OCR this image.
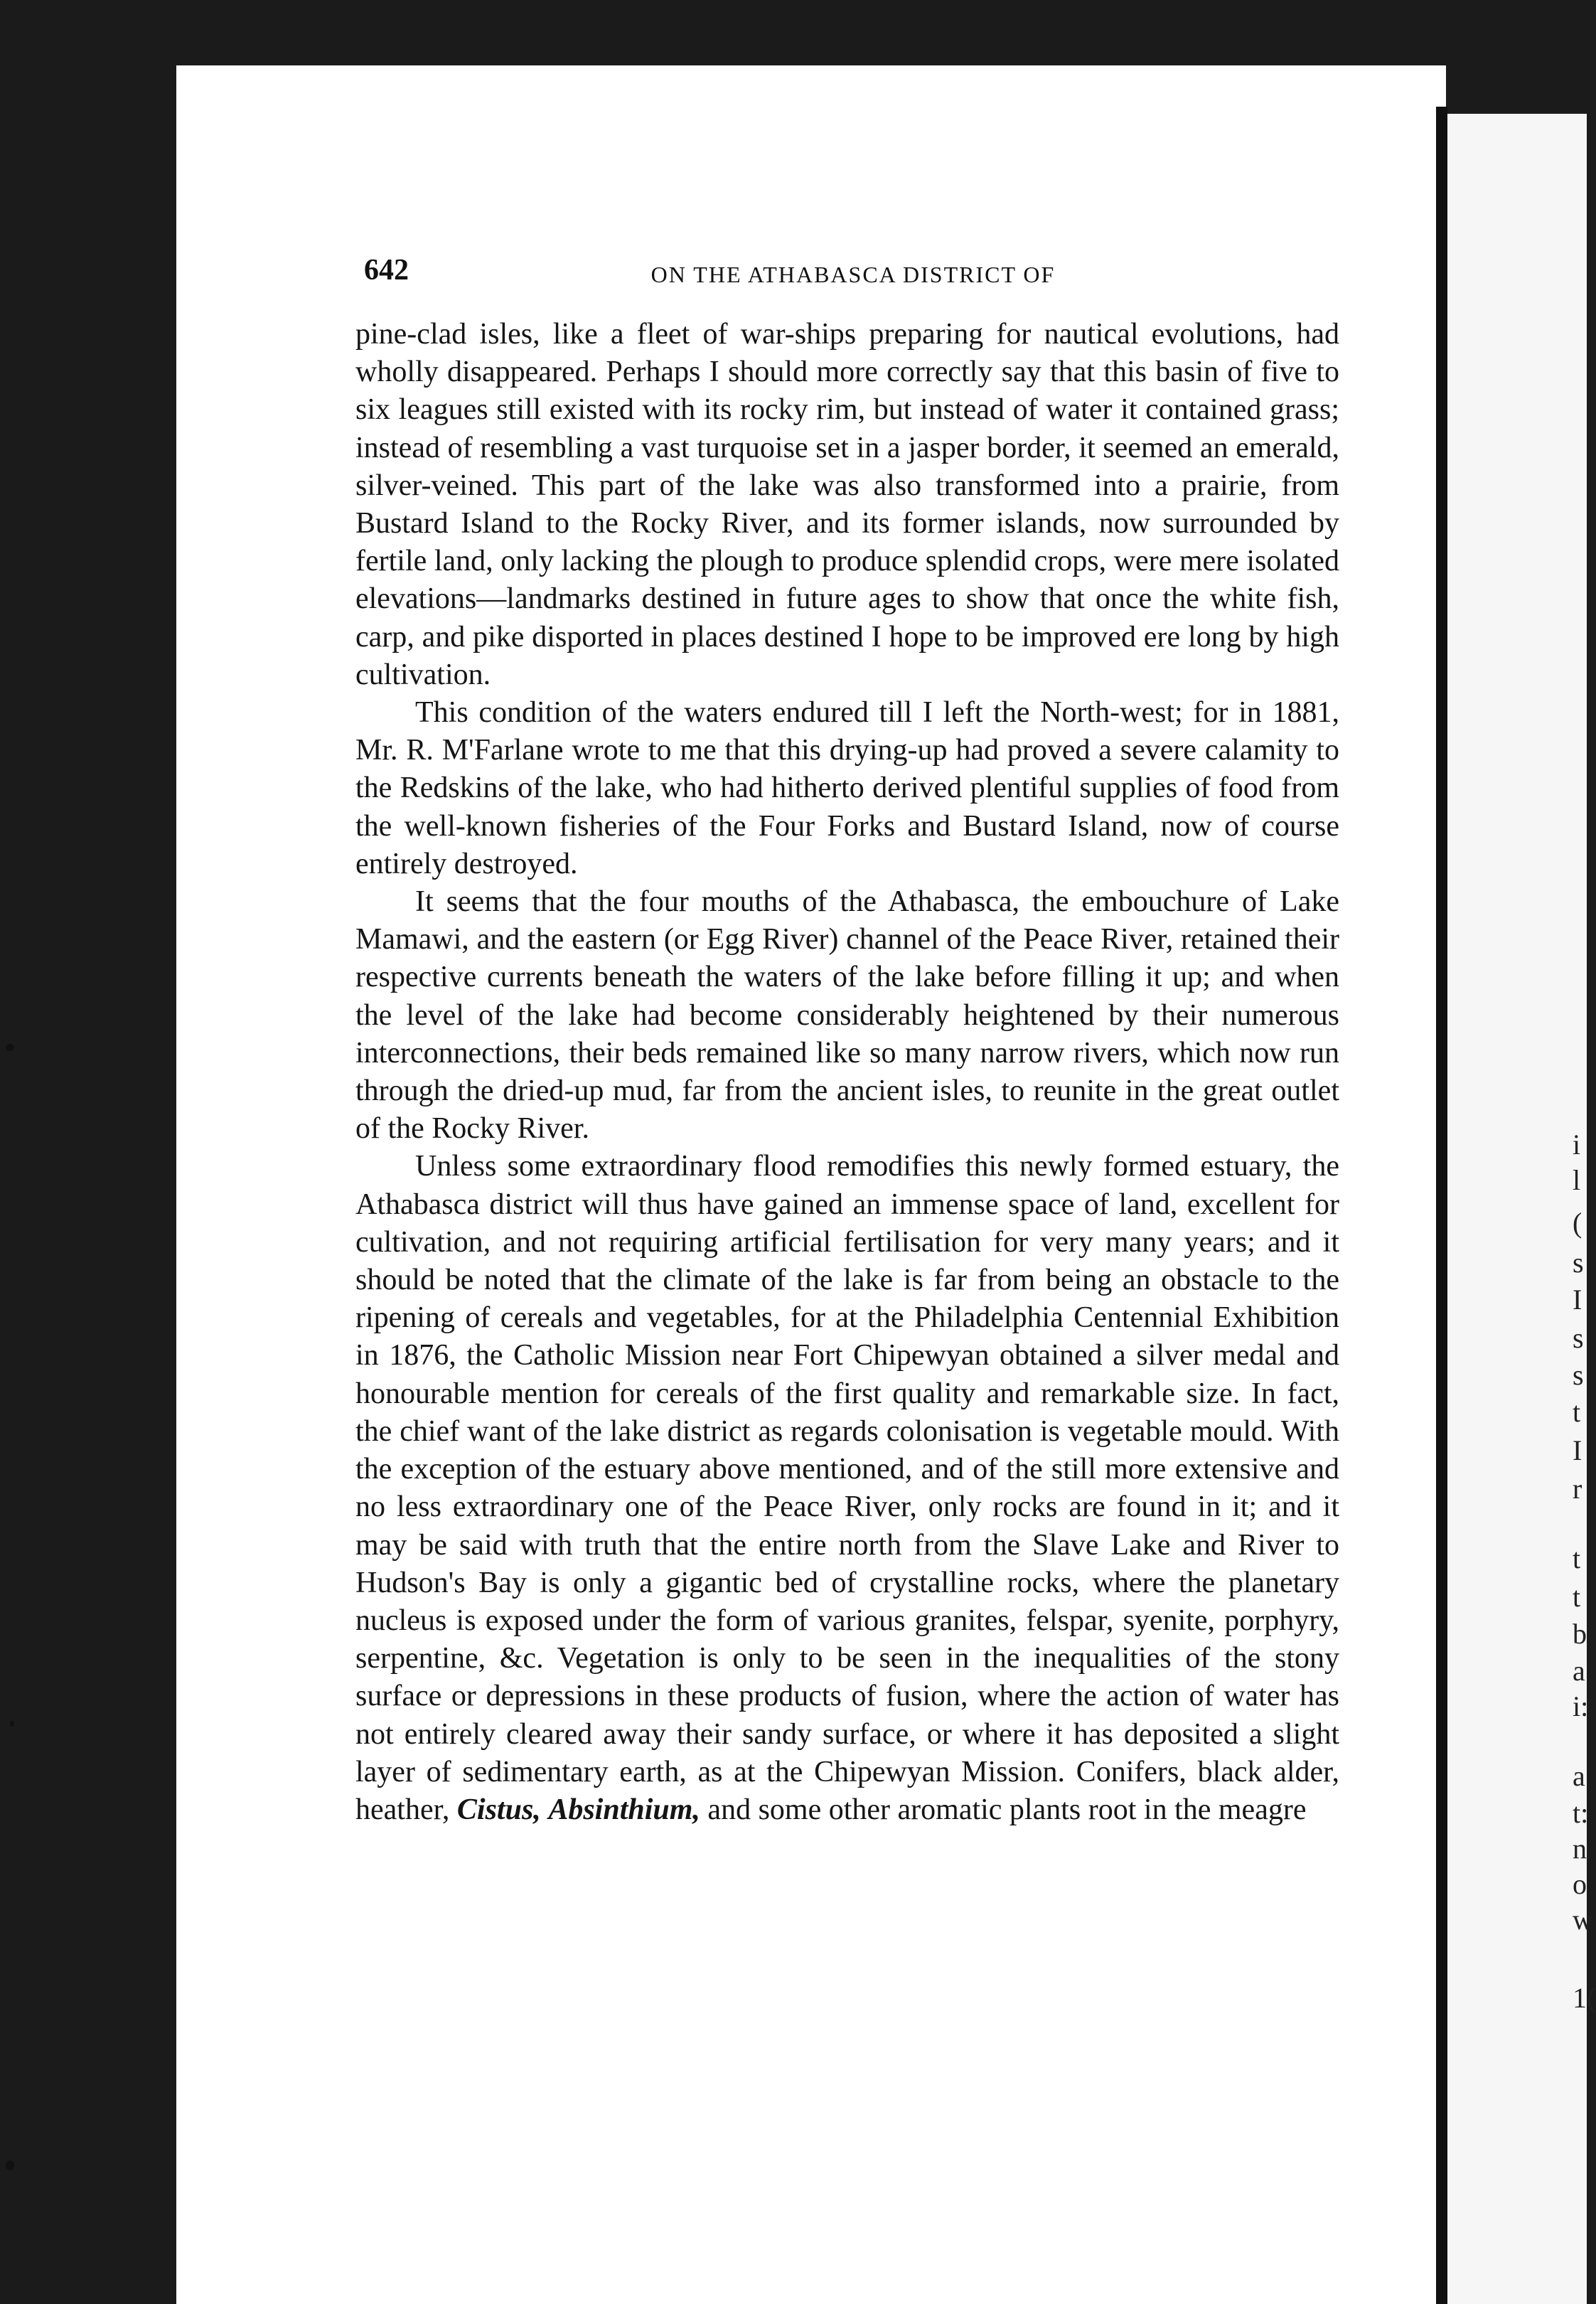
i
l
(
s
I
s
s
t
I
r
t
t
b
a
i:
a
t:
n
o
w
1(
642	ON THE ATHABASCA DISTRICT OF

pine-clad isles, like a fleet of war-ships preparing for nautical evolutions, had wholly disappeared. Perhaps I should more correctly say that this basin of five to six leagues still existed with its rocky rim, but instead of water it contained grass; instead of resembling a vast turquoise set in a jasper border, it seemed an emerald, silver-veined. This part of the lake was also transformed into a prairie, from Bustard Island to the Rocky River, and its former islands, now surrounded by fertile land, only lacking the plough to produce splendid crops, were mere isolated elevations—landmarks destined in future ages to show that once the white fish, carp, and pike disported in places destined I hope to be improved ere long by high cultivation.

This condition of the waters endured till I left the North-west; for in 1881, Mr. R. M'Farlane wrote to me that this drying-up had proved a severe calamity to the Redskins of the lake, who had hitherto derived plentiful supplies of food from the well-known fisheries of the Four Forks and Bustard Island, now of course entirely destroyed.

It seems that the four mouths of the Athabasca, the embouchure of Lake Mamawi, and the eastern (or Egg River) channel of the Peace River, retained their respective currents beneath the waters of the lake before filling it up; and when the level of the lake had become considerably heightened by their numerous interconnections, their beds remained like so many narrow rivers, which now run through the dried-up mud, far from the ancient isles, to reunite in the great outlet of the Rocky River.

Unless some extraordinary flood remodifies this newly formed estuary, the Athabasca district will thus have gained an immense space of land, excellent for cultivation, and not requiring artificial fertilisation for very many years; and it should be noted that the climate of the lake is far from being an obstacle to the ripening of cereals and vegetables, for at the Philadelphia Centennial Exhibition in 1876, the Catholic Mission near Fort Chipewyan obtained a silver medal and honourable mention for cereals of the first quality and remarkable size. In fact, the chief want of the lake district as regards colonisation is vegetable mould. With the exception of the estuary above mentioned, and of the still more extensive and no less extraordinary one of the Peace River, only rocks are found in it; and it may be said with truth that the entire north from the Slave Lake and River to Hudson's Bay is only a gigantic bed of crystalline rocks, where the planetary nucleus is exposed under the form of various granites, felspar, syenite, porphyry, serpentine, &c. Vegetation is only to be seen in the inequalities of the stony surface or depressions in these products of fusion, where the action of water has not entirely cleared away their sandy surface, or where it has deposited a slight layer of sedimentary earth, as at the Chipewyan Mission. Conifers, black alder, heather, Cistus, Absinthium, and some other aromatic plants root in the meagre
